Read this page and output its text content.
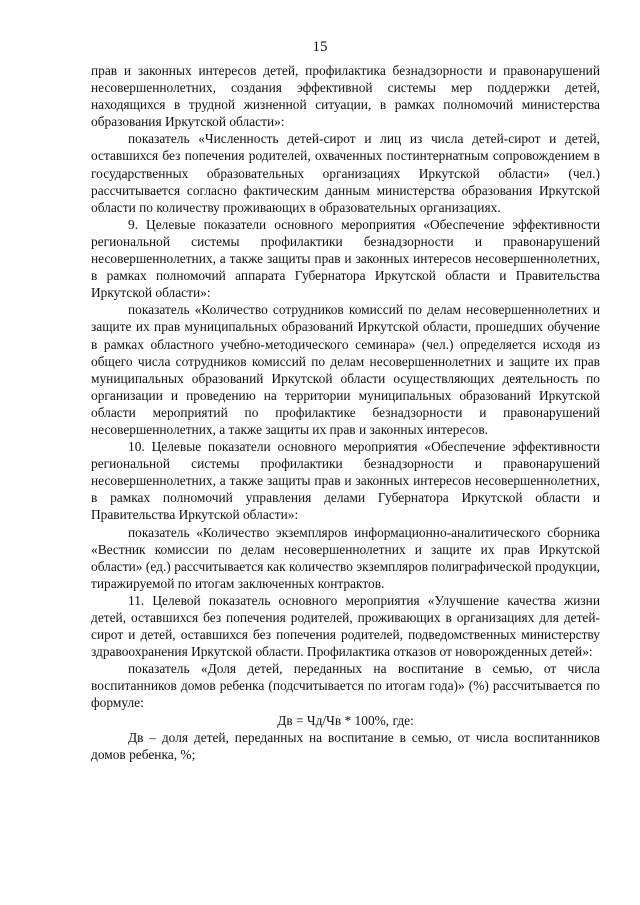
15

прав и законных интересов детей, профилактика безнадзорности и правонарушений несовершеннолетних, создания эффективной системы мер поддержки детей, находящихся в трудной жизненной ситуации, в рамках полномочий министерства образования Иркутской области»:

показатель «Численность детей-сирот и лиц из числа детей-сирот и детей, оставшихся без попечения родителей, охваченных постинтернатным сопровождением в государственных образовательных организациях Иркутской области» (чел.) рассчитывается согласно фактическим данным министерства образования Иркутской области по количеству проживающих в образовательных организациях.

9. Целевые показатели основного мероприятия «Обеспечение эффективности региональной системы профилактики безнадзорности и правонарушений несовершеннолетних, а также защиты прав и законных интересов несовершеннолетних, в рамках полномочий аппарата Губернатора Иркутской области и Правительства Иркутской области»:

показатель «Количество сотрудников комиссий по делам несовершеннолетних и защите их прав муниципальных образований Иркутской области, прошедших обучение в рамках областного учебно-методического семинара» (чел.) определяется исходя из общего числа сотрудников комиссий по делам несовершеннолетних и защите их прав муниципальных образований Иркутской области осуществляющих деятельность по организации и проведению на территории муниципальных образований Иркутской области мероприятий по профилактике безнадзорности и правонарушений несовершеннолетних, а также защиты их прав и законных интересов.

10. Целевые показатели основного мероприятия «Обеспечение эффективности региональной системы профилактики безнадзорности и правонарушений несовершеннолетних, а также защиты прав и законных интересов несовершеннолетних, в рамках полномочий управления делами Губернатора Иркутской области и Правительства Иркутской области»:

показатель «Количество экземпляров информационно-аналитического сборника «Вестник комиссии по делам несовершеннолетних и защите их прав Иркутской области» (ед.) рассчитывается как количество экземпляров полиграфической продукции, тиражируемой по итогам заключенных контрактов.

11. Целевой показатель основного мероприятия «Улучшение качества жизни детей, оставшихся без попечения родителей, проживающих в организациях для детей-сирот и детей, оставшихся без попечения родителей, подведомственных министерству здравоохранения Иркутской области. Профилактика отказов от новорожденных детей»:

показатель «Доля детей, переданных на воспитание в семью, от числа воспитанников домов ребенка (подсчитывается по итогам года)» (%) рассчитывается по формуле:

Дв = Чд/Чв * 100%, где:

Дв – доля детей, переданных на воспитание в семью, от числа воспитанников домов ребенка, %;
